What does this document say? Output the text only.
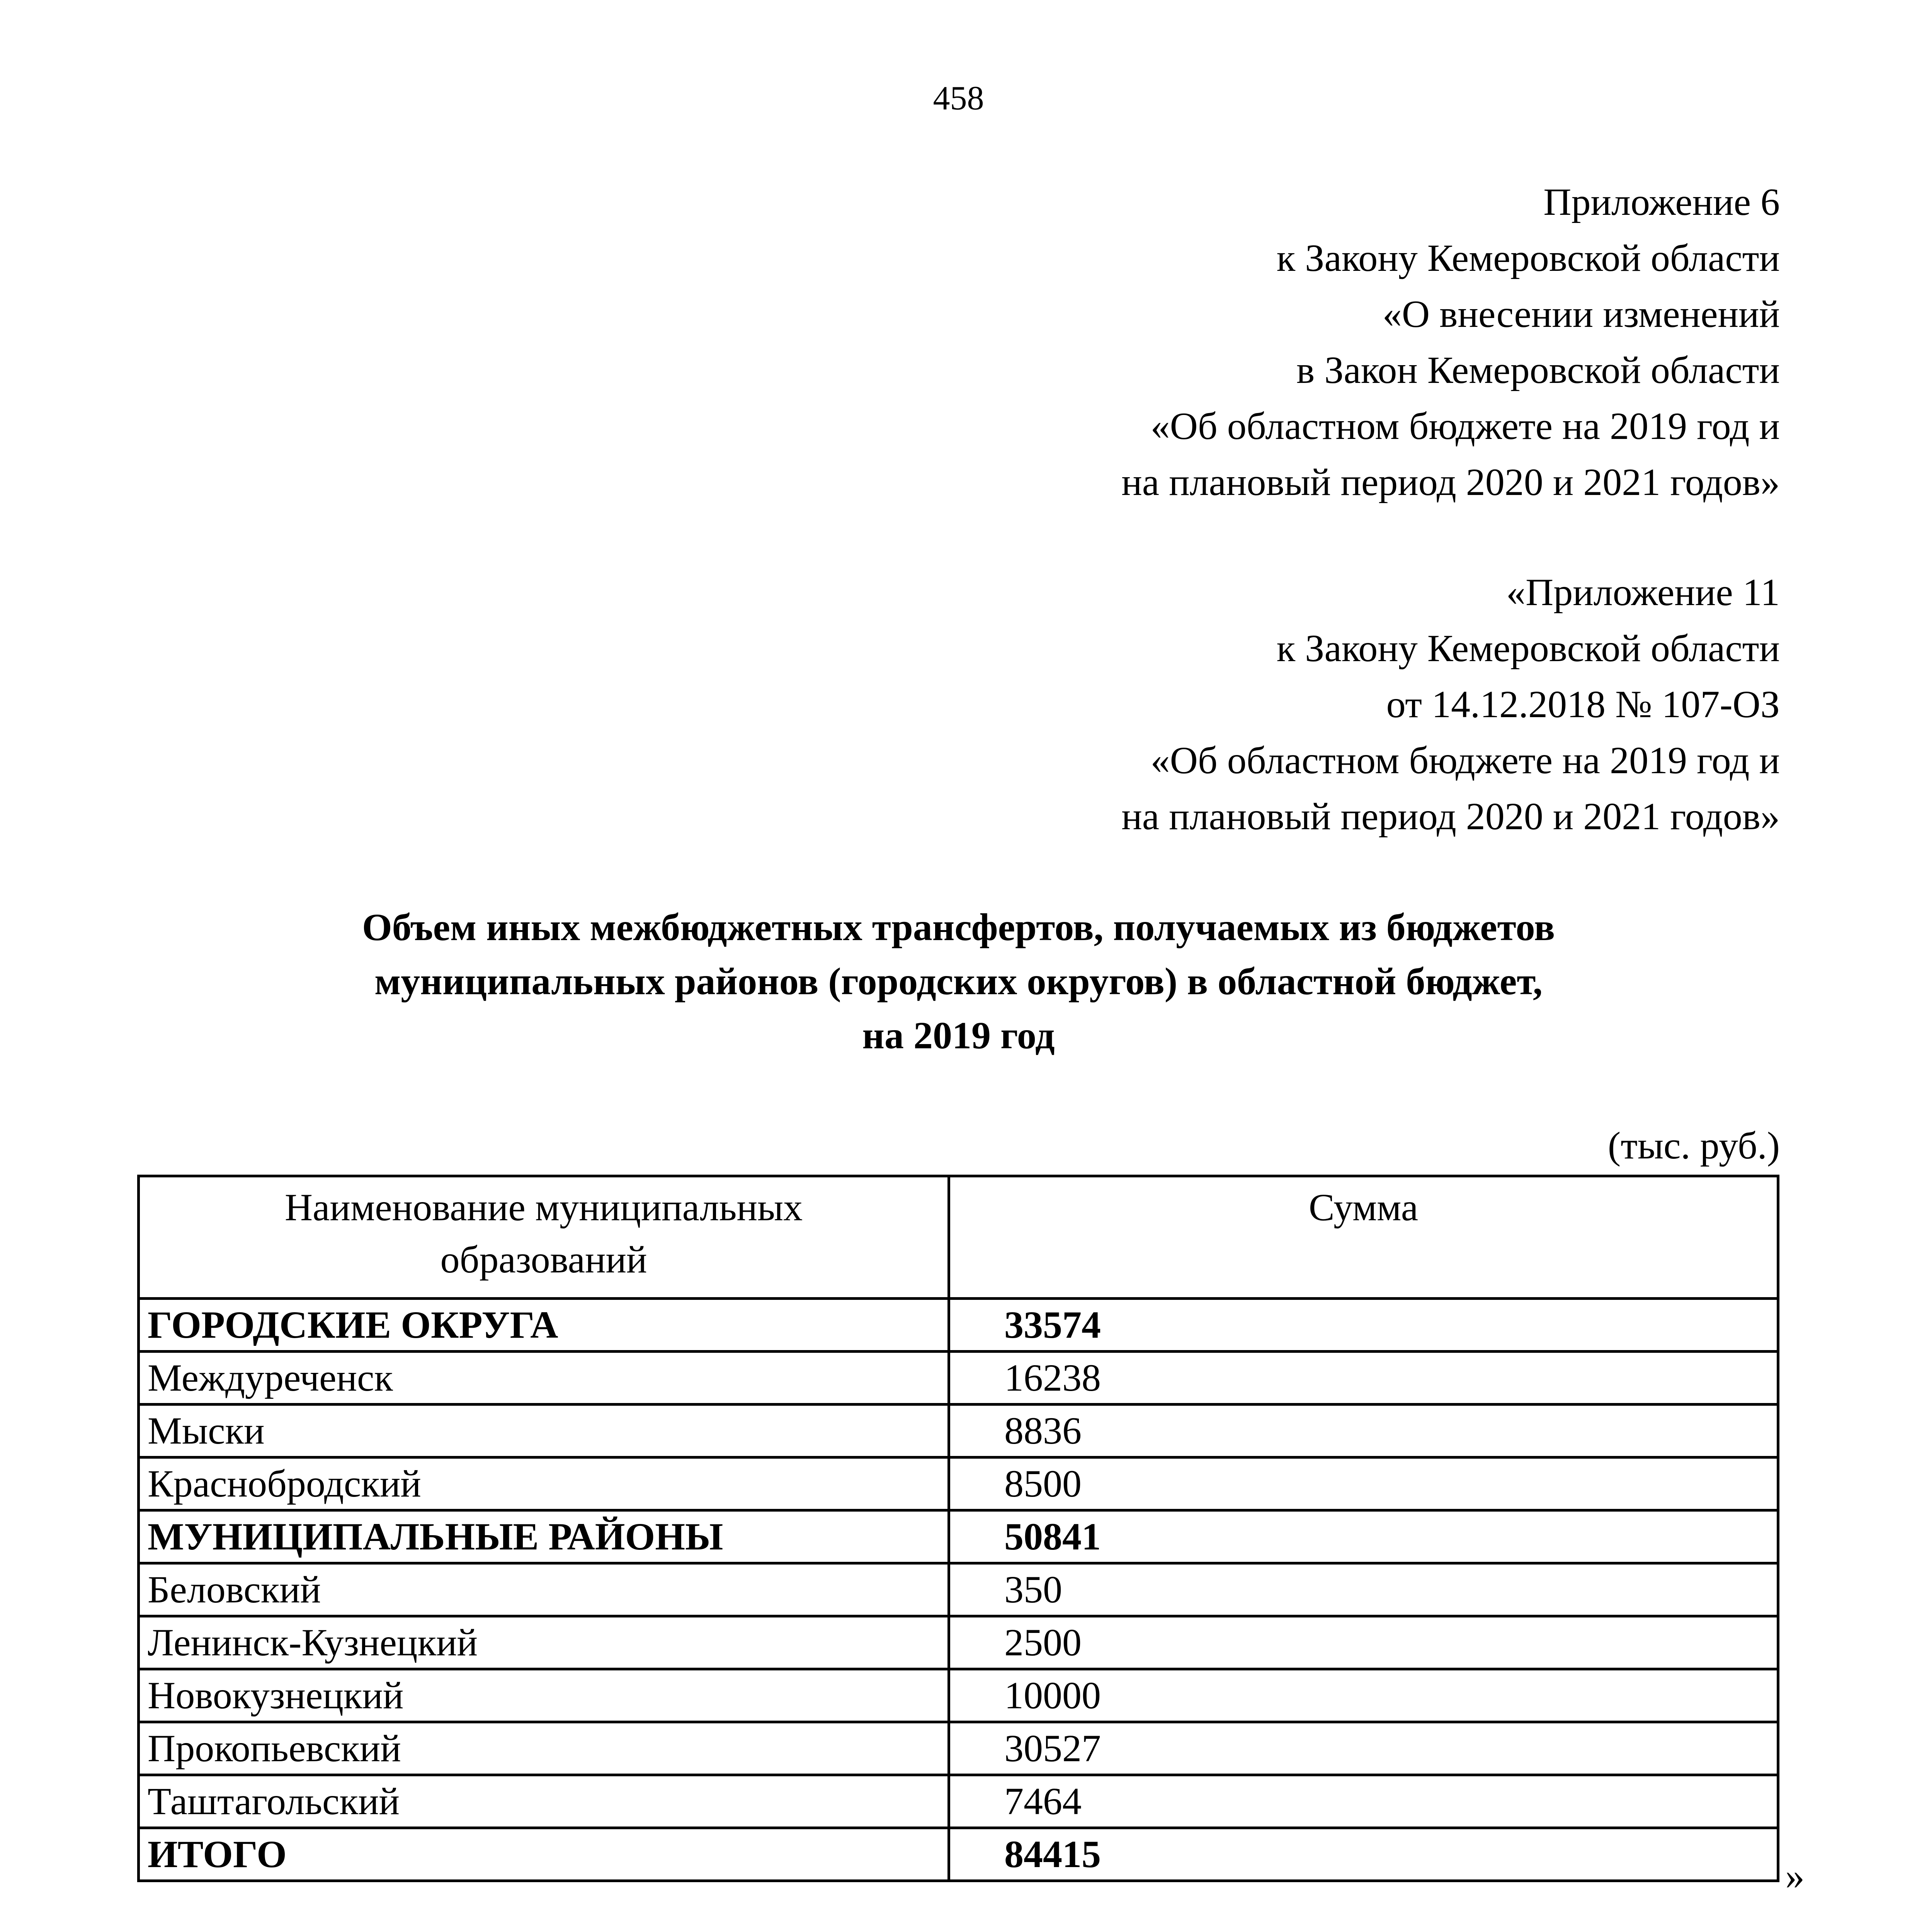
458
Приложение 6
к Закону Кемеровской области
«О внесении изменений
в Закон Кемеровской области
«Об областном бюджете на 2019 год и
на плановый период 2020 и 2021 годов»
«Приложение 11
к Закону Кемеровской области
от 14.12.2018 № 107-ОЗ
«Об областном бюджете на 2019 год и
на плановый период 2020 и 2021 годов»
Объем иных межбюджетных трансфертов, получаемых из бюджетов
муниципальных районов (городских округов) в областной бюджет,
на 2019 год
(тыс. руб.)
Наименование муниципальных
образований	Сумма
ГОРОДСКИЕ ОКРУГА	33574
Междуреченск	16238
Мыски	8836
Краснобродский	8500
МУНИЦИПАЛЬНЫЕ РАЙОНЫ	50841
Беловский	350
Ленинск-Кузнецкий	2500
Новокузнецкий	10000
Прокопьевский	30527
Таштагольский	7464
ИТОГО	84415
»
